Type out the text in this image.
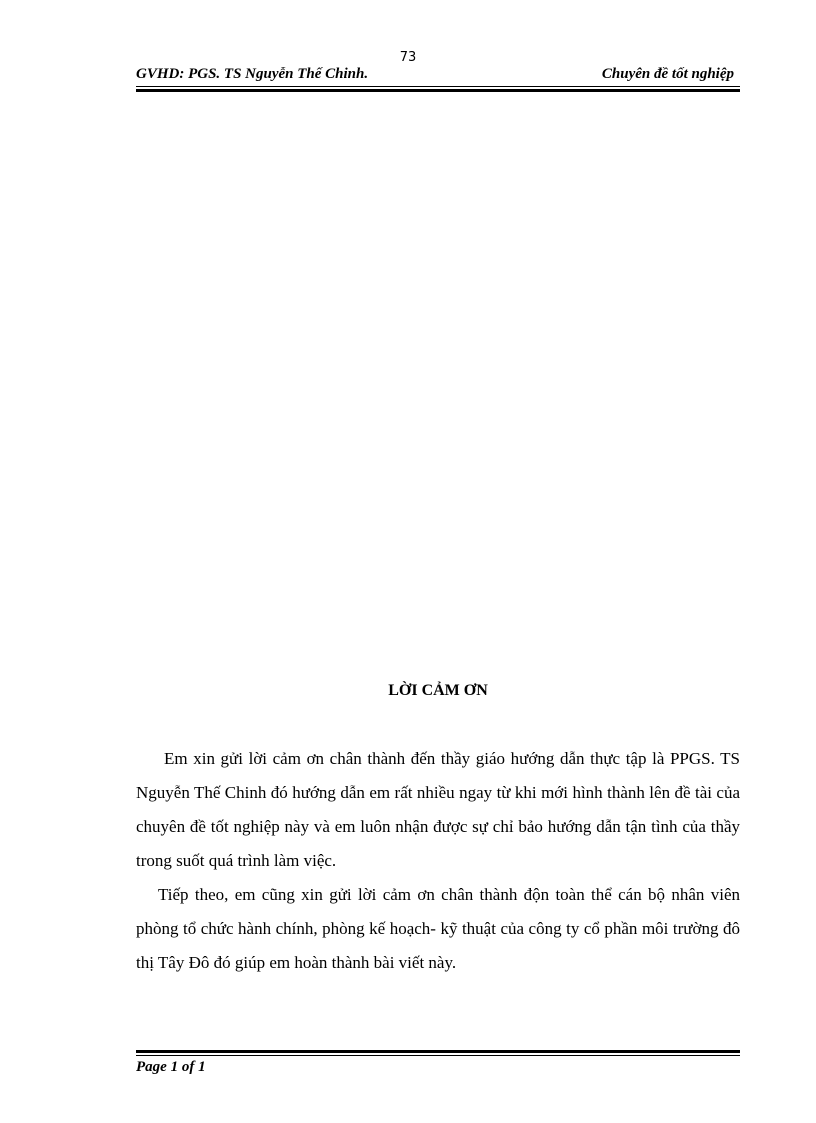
73
GVHD: PGS. TS Nguyễn Thế Chinh.	Chuyên đề tốt nghiệp
LỜI CẢM ƠN

Em xin gửi lời cảm ơn chân thành đến thầy giáo hướng dẫn thực tập là PPGS. TS Nguyễn Thế Chinh đó hướng dẫn em rất nhiều ngay từ khi mới hình thành lên đề tài của chuyên đề tốt nghiệp này và em luôn nhận được sự chỉ bảo hướng dẫn tận tình của thầy trong suốt quá trình làm việc.

Tiếp theo, em cũng xin gửi lời cảm ơn chân thành độn toàn thể cán bộ nhân viên phòng tổ chức hành chính, phòng kế hoạch- kỹ thuật của công ty cổ phần môi trường đô thị Tây Đô đó giúp em hoàn thành bài viết này.

Page 1 of 1
